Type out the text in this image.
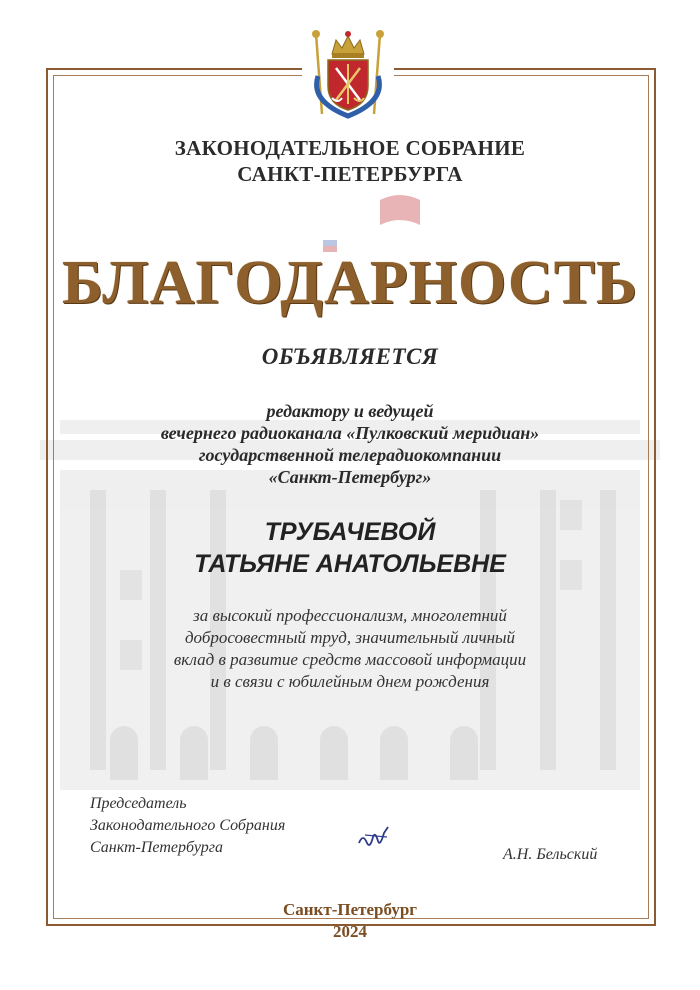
ЗАКОНОДАТЕЛЬНОЕ СОБРАНИЕ
САНКТ-ПЕТЕРБУРГА
БЛАГОДАРНОСТЬ
ОБЪЯВЛЯЕТСЯ
редактору и ведущей
вечернего радиоканала «Пулковский меридиан»
государственной телерадиокомпании
«Санкт-Петербург»
ТРУБАЧЕВОЙ
ТАТЬЯНЕ АНАТОЛЬЕВНЕ
за высокий профессионализм, многолетний
добросовестный труд, значительный личный
вклад в развитие средств массовой информации
и в связи с юбилейным днем рождения
Председатель
Законодательного Собрания
Санкт-Петербурга	А.Н. Бельский
Санкт-Петербург
2024
